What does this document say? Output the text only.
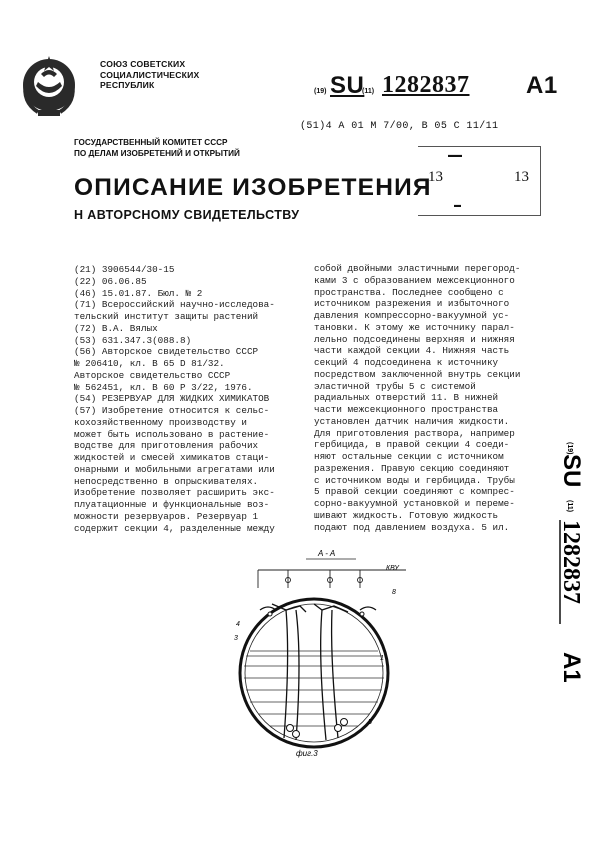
СОЮЗ СОВЕТСКИХ
СОЦИАЛИСТИЧЕСКИХ
РЕСПУБЛИК
(19) SU
(11) 1282837 A1
(51)4 A 01 M 7/00, B 05 C 11/11
ГОСУДАРСТВЕННЫЙ КОМИТЕТ СССР
ПО ДЕЛАМ ИЗОБРЕТЕНИЙ И ОТКРЫТИЙ	▬▬
13	13
▬
ОПИСАНИЕ ИЗОБРЕТЕНИЯ
Н АВТОРСНОМУ СВИДЕТЕЛЬСТВУ
(21) 3906544/30-15
(22) 06.06.85
(46) 15.01.87. Бюл. № 2
(71) Всероссийский научно-исследова-
тельский институт защиты растений
(72) В.А. Вялых
(53) 631.347.3(088.8)
(56) Авторское свидетельство СССР
№ 206410, кл. B 65 D 81/32.
Авторское свидетельство СССР
№ 562451, кл. B 60 P 3/22, 1976.
(54) РЕЗЕРВУАР ДЛЯ ЖИДКИХ ХИМИКАТОВ
(57) Изобретение относится к сельс-
кохозяйственному производству и
может быть использовано в растение-
водстве для приготовления рабочих
жидкостей и смесей химикатов стаци-
онарными и мобильными агрегатами или
непосредственно в опрыскивателях.
Изобретение позволяет расширить экс-
плуатационные и функциональные воз-
можности резервуаров. Резервуар 1
содержит секции 4, разделенные между
собой двойными эластичными перегород-
ками 3 с образованием межсекционного
пространства. Последнее сообщено с
источником разрежения и избыточного
давления компрессорно-вакуумной ус-
тановки. К этому же источнику парал-
лельно подсоединены верхняя и нижняя
части каждой секции 4. Нижняя часть
секций 4 подсоединена к источнику
посредством заключенной внутрь секции
эластичной трубы 5 с системой
радиальных отверстий 11. В нижней
части межсекционного пространства
установлен датчик наличия жидкости.
Для приготовления раствора, например
гербицида, в правой секции 4 соеди-
няют остальные секции с источником
разрежения. Правую секцию соединяют
с источником воды и гербицида. Трубы
5 правой секции соединяют с компрес-
сорно-вакуумной установкой и переме-
шивают жидкость. Готовую жидкость
подают под давлением воздуха. 5 ил.
(19)
SU
(11)
1282837
A1
A - A
КВУ
8
4
3
1
5
фиг.3
